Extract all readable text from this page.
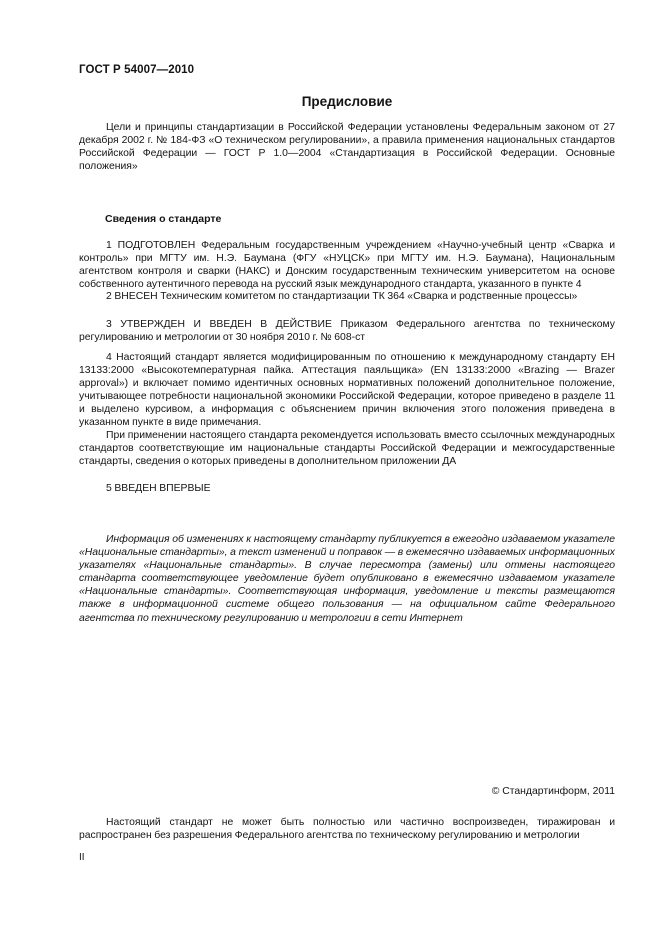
ГОСТ Р 54007—2010
Предисловие

Цели и принципы стандартизации в Российской Федерации установлены Федеральным законом от 27 декабря 2002 г. № 184-ФЗ «О техническом регулировании», а правила применения национальных стандартов Российской Федерации — ГОСТ Р 1.0—2004 «Стандартизация в Российской Федерации. Основные положения»

Сведения о стандарте

1 ПОДГОТОВЛЕН Федеральным государственным учреждением «Научно-учебный центр «Сварка и контроль» при МГТУ им. Н.Э. Баумана (ФГУ «НУЦСК» при МГТУ им. Н.Э. Баумана), Национальным агентством контроля и сварки (НАКС) и Донским государственным техническим университетом на основе собственного аутентичного перевода на русский язык международного стандарта, указанного в пункте 4

2 ВНЕСЕН Техническим комитетом по стандартизации ТК 364 «Сварка и родственные процессы»

3 УТВЕРЖДЕН И ВВЕДЕН В ДЕЙСТВИЕ Приказом Федерального агентства по техническому регулированию и метрологии от 30 ноября 2010 г. № 608-ст

4 Настоящий стандарт является модифицированным по отношению к международному стандарту ЕН 13133:2000 «Высокотемпературная пайка. Аттестация паяльщика» (EN 13133:2000 «Brazing — Brazer approval») и включает помимо идентичных основных нормативных положений дополнительное положение, учитывающее потребности национальной экономики Российской Федерации, которое приведено в разделе 11 и выделено курсивом, а информация с объяснением причин включения этого положения приведена в указанном пункте в виде примечания.

При применении настоящего стандарта рекомендуется использовать вместо ссылочных международных стандартов соответствующие им национальные стандарты Российской Федерации и межгосударственные стандарты, сведения о которых приведены в дополнительном приложении ДА

5 ВВЕДЕН ВПЕРВЫЕ

Информация об изменениях к настоящему стандарту публикуется в ежегодно издаваемом указателе «Национальные стандарты», а текст изменений и поправок — в ежемесячно издаваемых информационных указателях «Национальные стандарты». В случае пересмотра (замены) или отмены настоящего стандарта соответствующее уведомление будет опубликовано в ежемесячно издаваемом указателе «Национальные стандарты». Соответствующая информация, уведомление и тексты размещаются также в информационной системе общего пользования — на официальном сайте Федерального агентства по техническому регулированию и метрологии в сети Интернет

© Стандартинформ, 2011

Настоящий стандарт не может быть полностью или частично воспроизведен, тиражирован и распространен без разрешения Федерального агентства по техническому регулированию и метрологии

II
